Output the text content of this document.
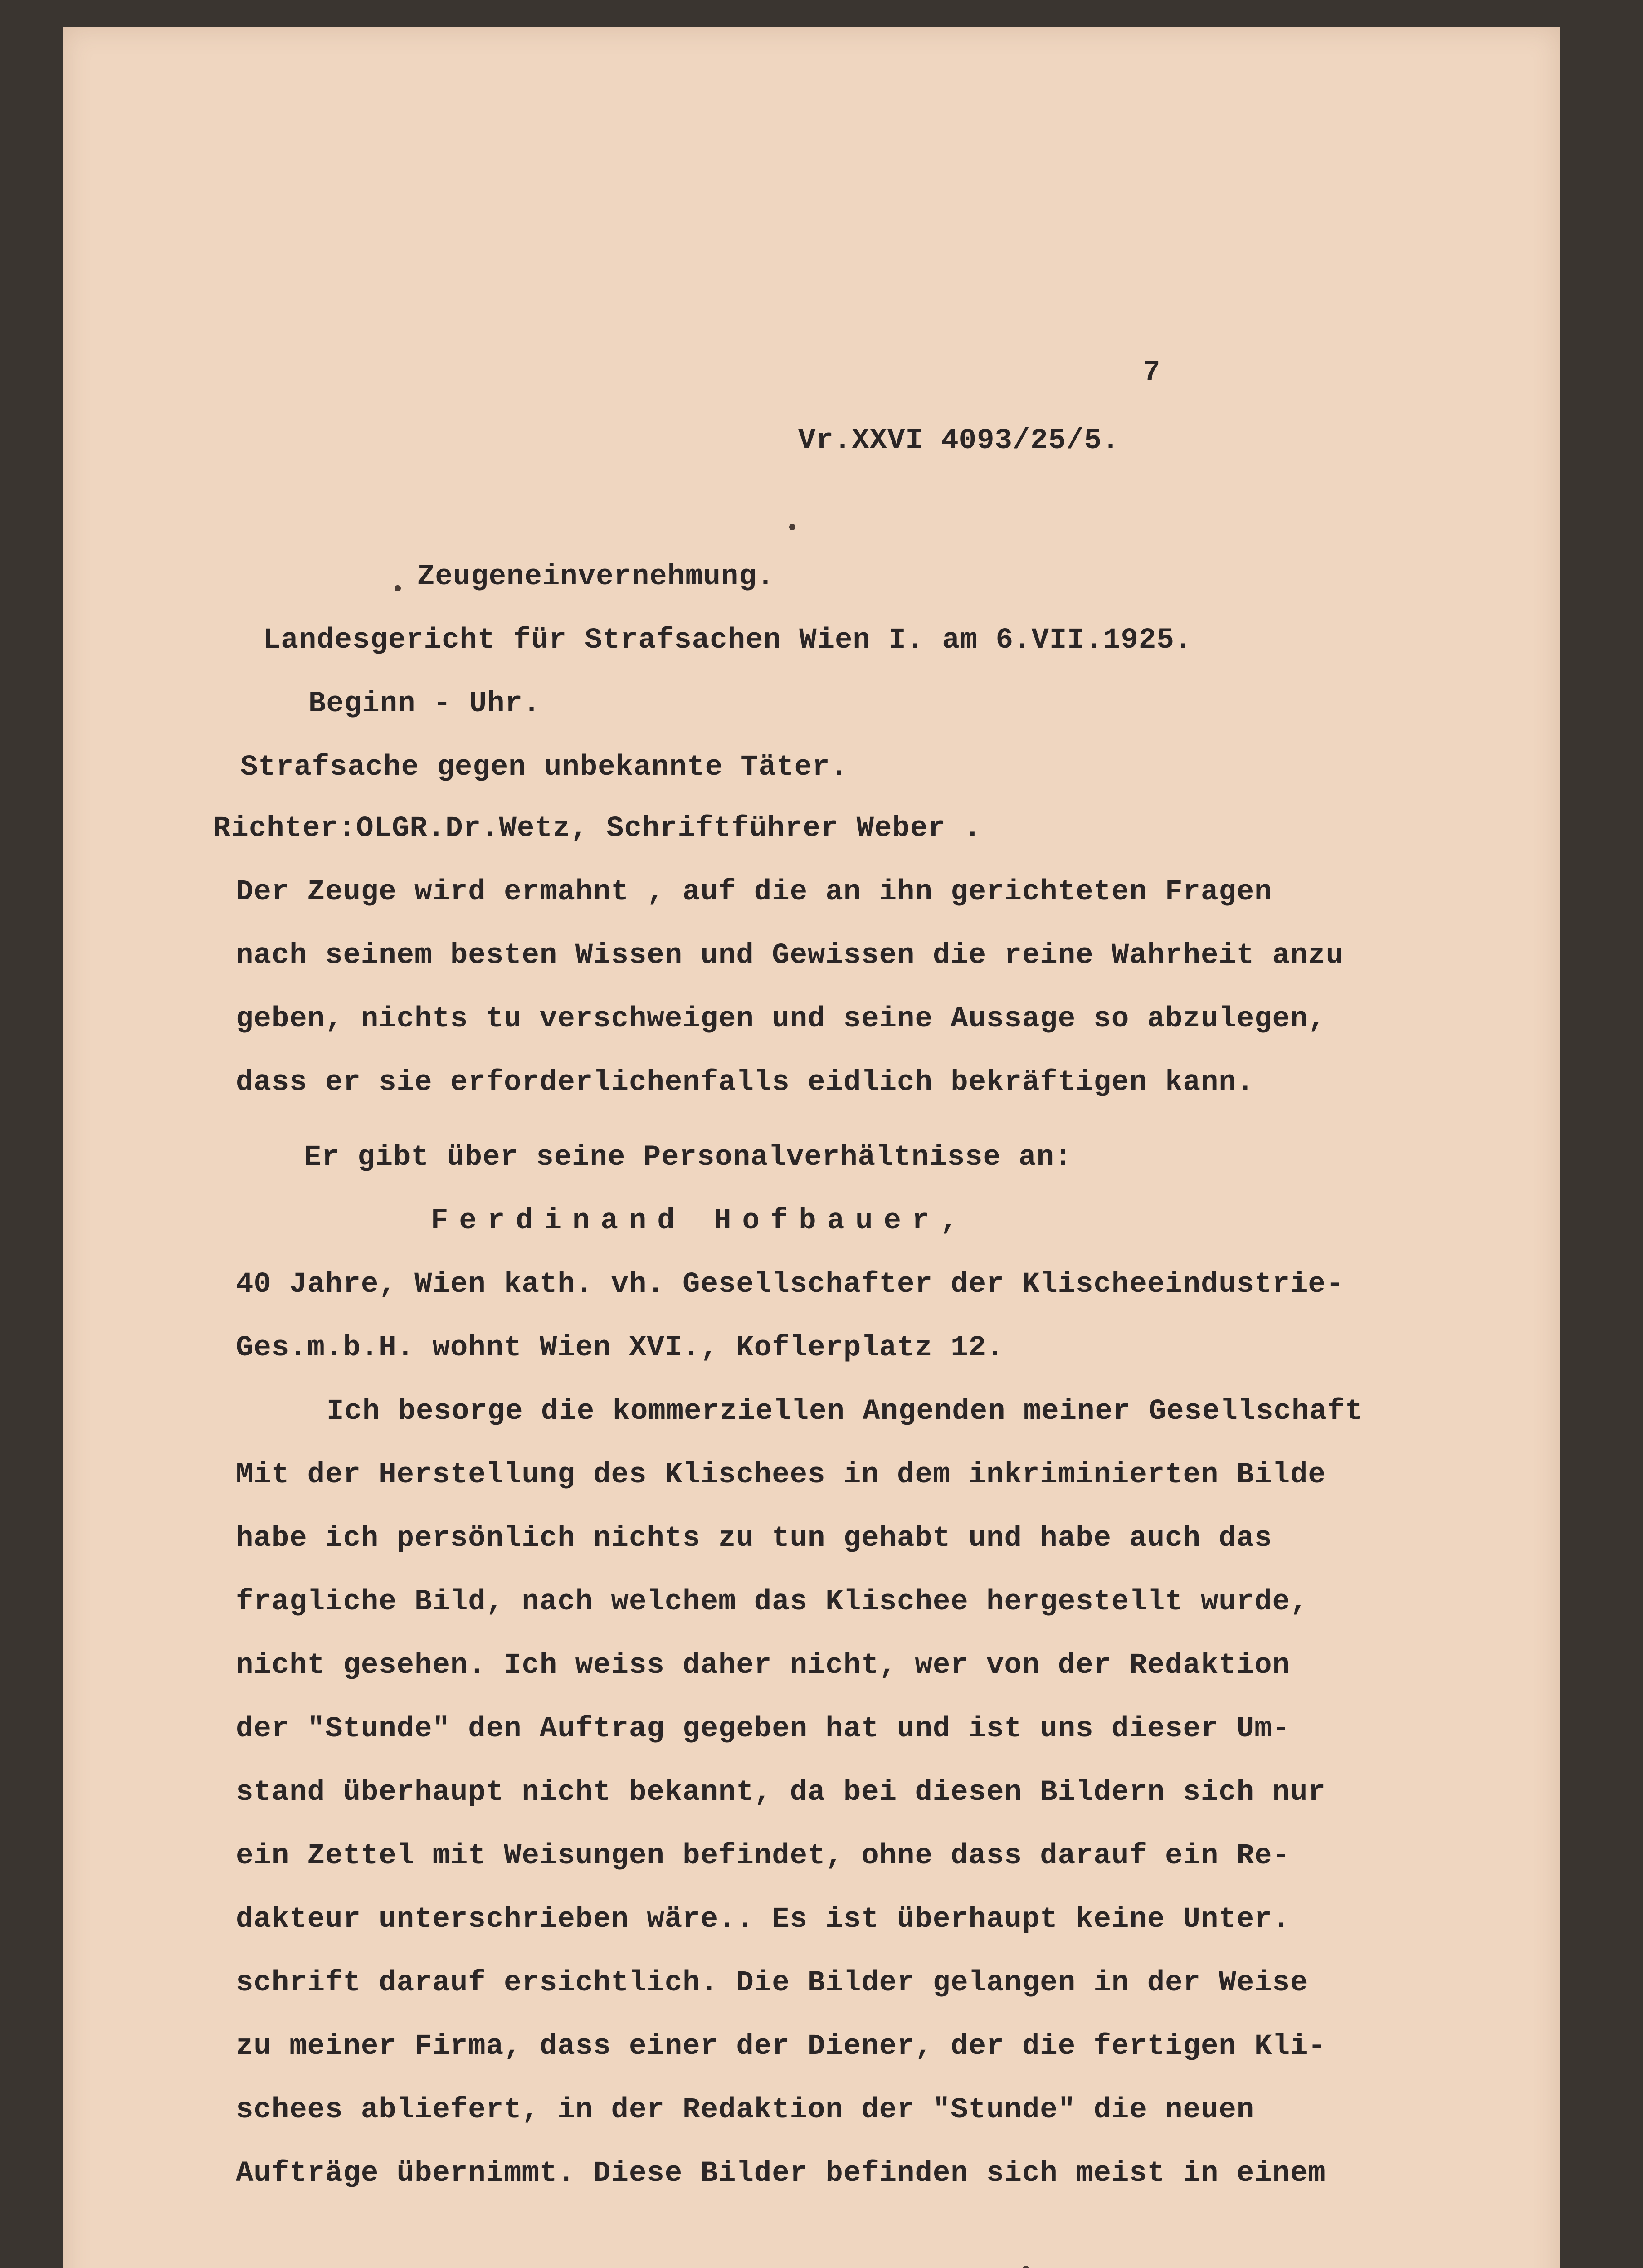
7
Vr.XXVI 4093/25/5.
Zeugeneinvernehmung.
Landesgericht für Strafsachen Wien I. am 6.VII.1925.
Beginn - Uhr.
Strafsache gegen unbekannte Täter.
Richter:OLGR.Dr.Wetz, Schriftführer Weber .
Der Zeuge wird ermahnt , auf die an ihn gerichteten Fragen
nach seinem besten Wissen und Gewissen die reine Wahrheit anzu
geben, nichts tu verschweigen und seine Aussage so abzulegen,
dass er sie erforderlichenfalls eidlich bekräftigen kann.
Er gibt über seine Personalverhältnisse an:
Ferdinand Hofbauer,
40 Jahre, Wien kath. vh. Gesellschafter der Klischeeindustrie-
Ges.m.b.H. wohnt Wien XVI., Koflerplatz 12.
Ich besorge die kommerziellen Angenden meiner Gesellschaft
Mit der Herstellung des Klischees in dem inkriminierten Bilde
habe ich persönlich nichts zu tun gehabt und habe auch das
fragliche Bild, nach welchem das Klischee hergestellt wurde,
nicht gesehen. Ich weiss daher nicht, wer von der Redaktion
der "Stunde" den Auftrag gegeben hat und ist uns dieser Um-
stand überhaupt nicht bekannt, da bei diesen Bildern sich nur
ein Zettel mit Weisungen befindet, ohne dass darauf ein Re-
dakteur unterschrieben wäre.. Es ist überhaupt keine Unter.
schrift darauf ersichtlich. Die Bilder gelangen in der Weise
zu meiner Firma, dass einer der Diener, der die fertigen Kli-
schees abliefert, in der Redaktion der "Stunde" die neuen
Aufträge übernimmt. Diese Bilder befinden sich meist in einem
